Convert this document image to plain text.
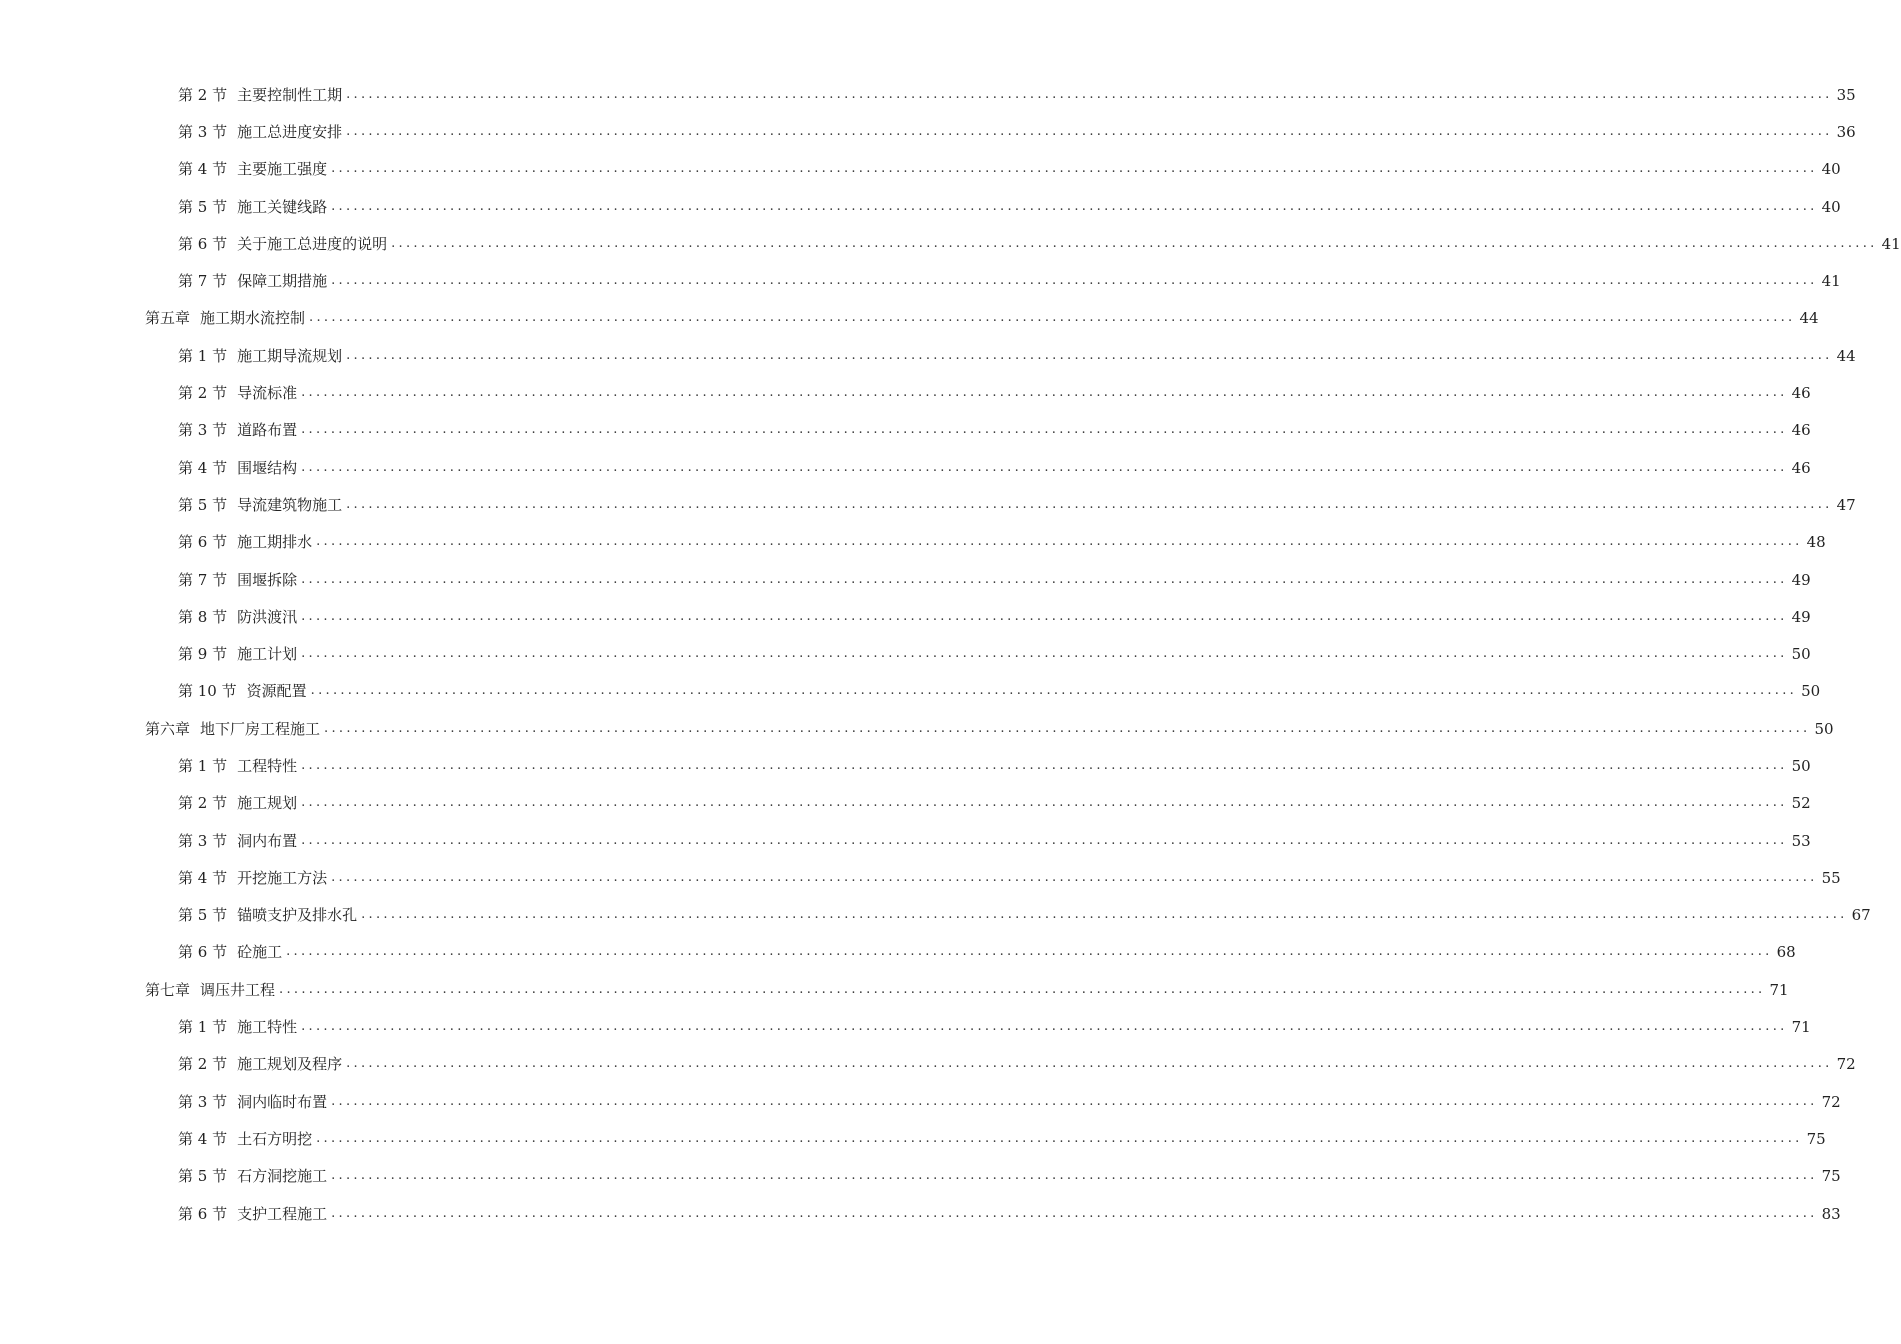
第 2 节 主要控制性工期 ........................................................................................................................................................................................................ 35
第 3 节 施工总进度安排 ........................................................................................................................................................................................................ 36
第 4 节 主要施工强度 ........................................................................................................................................................................................................ 40
第 5 节 施工关键线路 ........................................................................................................................................................................................................ 40
第 6 节 关于施工总进度的说明 ........................................................................................................................................................................................................ 41
第 7 节 保障工期措施 ........................................................................................................................................................................................................ 41
第五章 施工期水流控制 ........................................................................................................................................................................................................ 44
第 1 节 施工期导流规划 ........................................................................................................................................................................................................ 44
第 2 节 导流标准 ........................................................................................................................................................................................................ 46
第 3 节 道路布置 ........................................................................................................................................................................................................ 46
第 4 节 围堰结构 ........................................................................................................................................................................................................ 46
第 5 节 导流建筑物施工 ........................................................................................................................................................................................................ 47
第 6 节 施工期排水 ........................................................................................................................................................................................................ 48
第 7 节 围堰拆除 ........................................................................................................................................................................................................ 49
第 8 节 防洪渡汛 ........................................................................................................................................................................................................ 49
第 9 节 施工计划 ........................................................................................................................................................................................................ 50
第 10 节 资源配置 ........................................................................................................................................................................................................ 50
第六章 地下厂房工程施工 ........................................................................................................................................................................................................ 50
第 1 节 工程特性 ........................................................................................................................................................................................................ 50
第 2 节 施工规划 ........................................................................................................................................................................................................ 52
第 3 节 洞内布置 ........................................................................................................................................................................................................ 53
第 4 节 开挖施工方法 ........................................................................................................................................................................................................ 55
第 5 节 锚喷支护及排水孔 ........................................................................................................................................................................................................ 67
第 6 节 砼施工 ........................................................................................................................................................................................................ 68
第七章 调压井工程 ........................................................................................................................................................................................................ 71
第 1 节 施工特性 ........................................................................................................................................................................................................ 71
第 2 节 施工规划及程序 ........................................................................................................................................................................................................ 72
第 3 节 洞内临时布置 ........................................................................................................................................................................................................ 72
第 4 节 土石方明挖 ........................................................................................................................................................................................................ 75
第 5 节 石方洞挖施工 ........................................................................................................................................................................................................ 75
第 6 节 支护工程施工 ........................................................................................................................................................................................................ 83
